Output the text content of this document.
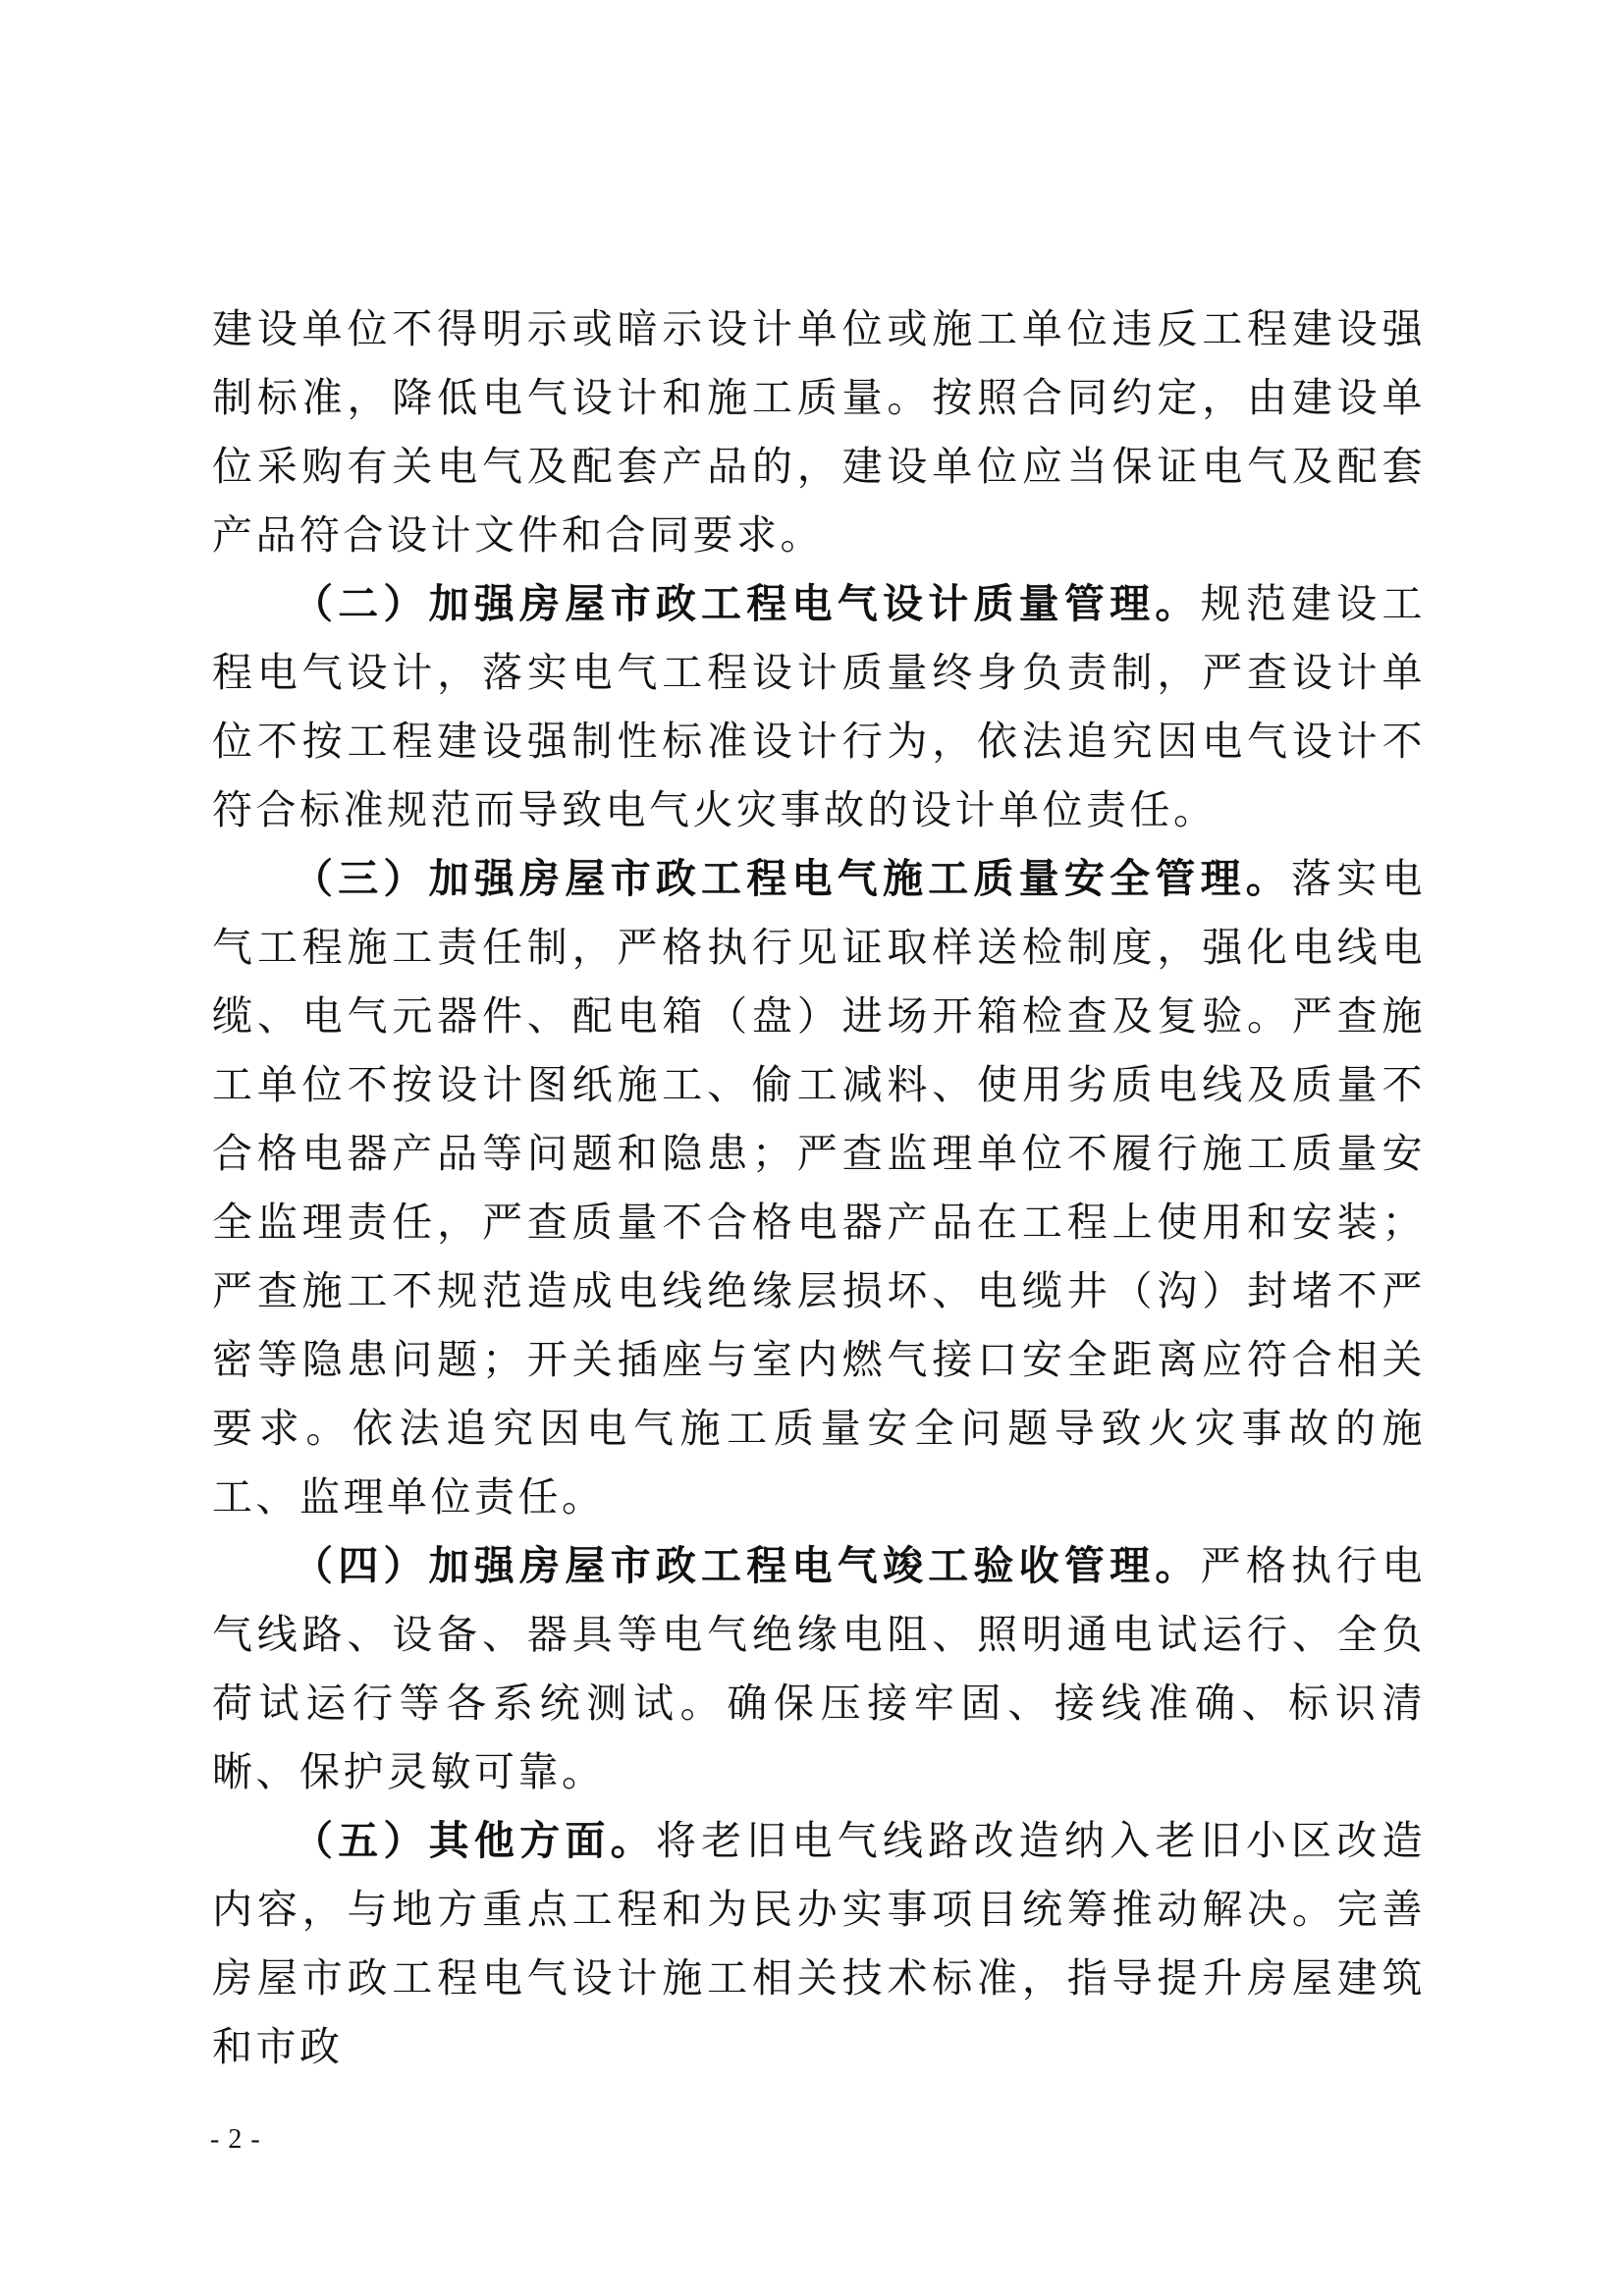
建设单位不得明示或暗示设计单位或施工单位违反工程建设强制标准，降低电气设计和施工质量。按照合同约定，由建设单位采购有关电气及配套产品的，建设单位应当保证电气及配套产品符合设计文件和合同要求。

（二）加强房屋市政工程电气设计质量管理。规范建设工程电气设计，落实电气工程设计质量终身负责制，严查设计单位不按工程建设强制性标准设计行为，依法追究因电气设计不符合标准规范而导致电气火灾事故的设计单位责任。

（三）加强房屋市政工程电气施工质量安全管理。落实电气工程施工责任制，严格执行见证取样送检制度，强化电线电缆、电气元器件、配电箱（盘）进场开箱检查及复验。严查施工单位不按设计图纸施工、偷工减料、使用劣质电线及质量不合格电器产品等问题和隐患；严查监理单位不履行施工质量安全监理责任，严查质量不合格电器产品在工程上使用和安装；严查施工不规范造成电线绝缘层损坏、电缆井（沟）封堵不严密等隐患问题；开关插座与室内燃气接口安全距离应符合相关要求。依法追究因电气施工质量安全问题导致火灾事故的施工、监理单位责任。

（四）加强房屋市政工程电气竣工验收管理。严格执行电气线路、设备、器具等电气绝缘电阻、照明通电试运行、全负荷试运行等各系统测试。确保压接牢固、接线准确、标识清晰、保护灵敏可靠。

（五）其他方面。将老旧电气线路改造纳入老旧小区改造内容，与地方重点工程和为民办实事项目统筹推动解决。完善房屋市政工程电气设计施工相关技术标准，指导提升房屋建筑和市政

- 2 -
